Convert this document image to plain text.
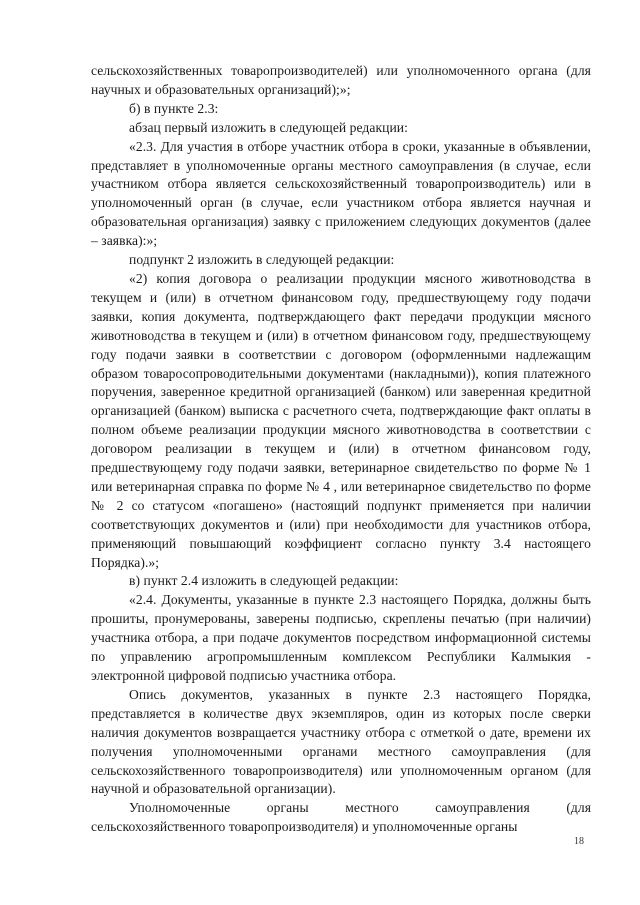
сельскохозяйственных товаропроизводителей) или уполномоченного органа (для научных и образовательных организаций);»;

б) в пункте 2.3:

абзац первый изложить в следующей редакции:

«2.3. Для участия в отборе участник отбора в сроки, указанные в объявлении, представляет в уполномоченные органы местного самоуправления (в случае, если участником отбора является сельскохозяйственный товаропроизводитель) или в уполномоченный орган (в случае, если участником отбора является научная и образовательная организация) заявку с приложением следующих документов (далее – заявка):»;

подпункт 2 изложить в следующей редакции:

«2) копия договора о реализации продукции мясного животноводства в текущем и (или) в отчетном финансовом году, предшествующему году подачи заявки, копия документа, подтверждающего факт передачи продукции мясного животноводства в текущем и (или) в отчетном финансовом году, предшествующему году подачи заявки в соответствии с договором (оформленными надлежащим образом товаросопроводительными документами (накладными)), копия платежного поручения, заверенное кредитной организацией (банком) или заверенная кредитной организацией (банком) выписка с расчетного счета, подтверждающие факт оплаты в полном объеме реализации продукции мясного животноводства в соответствии с договором реализации в текущем и (или) в отчетном финансовом году, предшествующему году подачи заявки, ветеринарное свидетельство по форме № 1 или ветеринарная справка по форме № 4 , или ветеринарное свидетельство по форме № 2 со статусом «погашено» (настоящий подпункт применяется при наличии соответствующих документов и (или) при необходимости для участников отбора, применяющий повышающий коэффициент согласно пункту 3.4 настоящего Порядка).»;

в) пункт 2.4 изложить в следующей редакции:

«2.4. Документы, указанные в пункте 2.3 настоящего Порядка, должны быть прошиты, пронумерованы, заверены подписью, скреплены печатью (при наличии) участника отбора, а при подаче документов посредством информационной системы по управлению агропромышленным комплексом Республики Калмыкия - электронной цифровой подписью участника отбора.

Опись документов, указанных в пункте 2.3 настоящего Порядка, представляется в количестве двух экземпляров, один из которых после сверки наличия документов возвращается участнику отбора с отметкой о дате, времени их получения уполномоченными органами местного самоуправления (для сельскохозяйственного товаропроизводителя) или уполномоченным органом (для научной и образовательной организации).

Уполномоченные органы местного самоуправления (для сельскохозяйственного товаропроизводителя) и уполномоченные органы

18
